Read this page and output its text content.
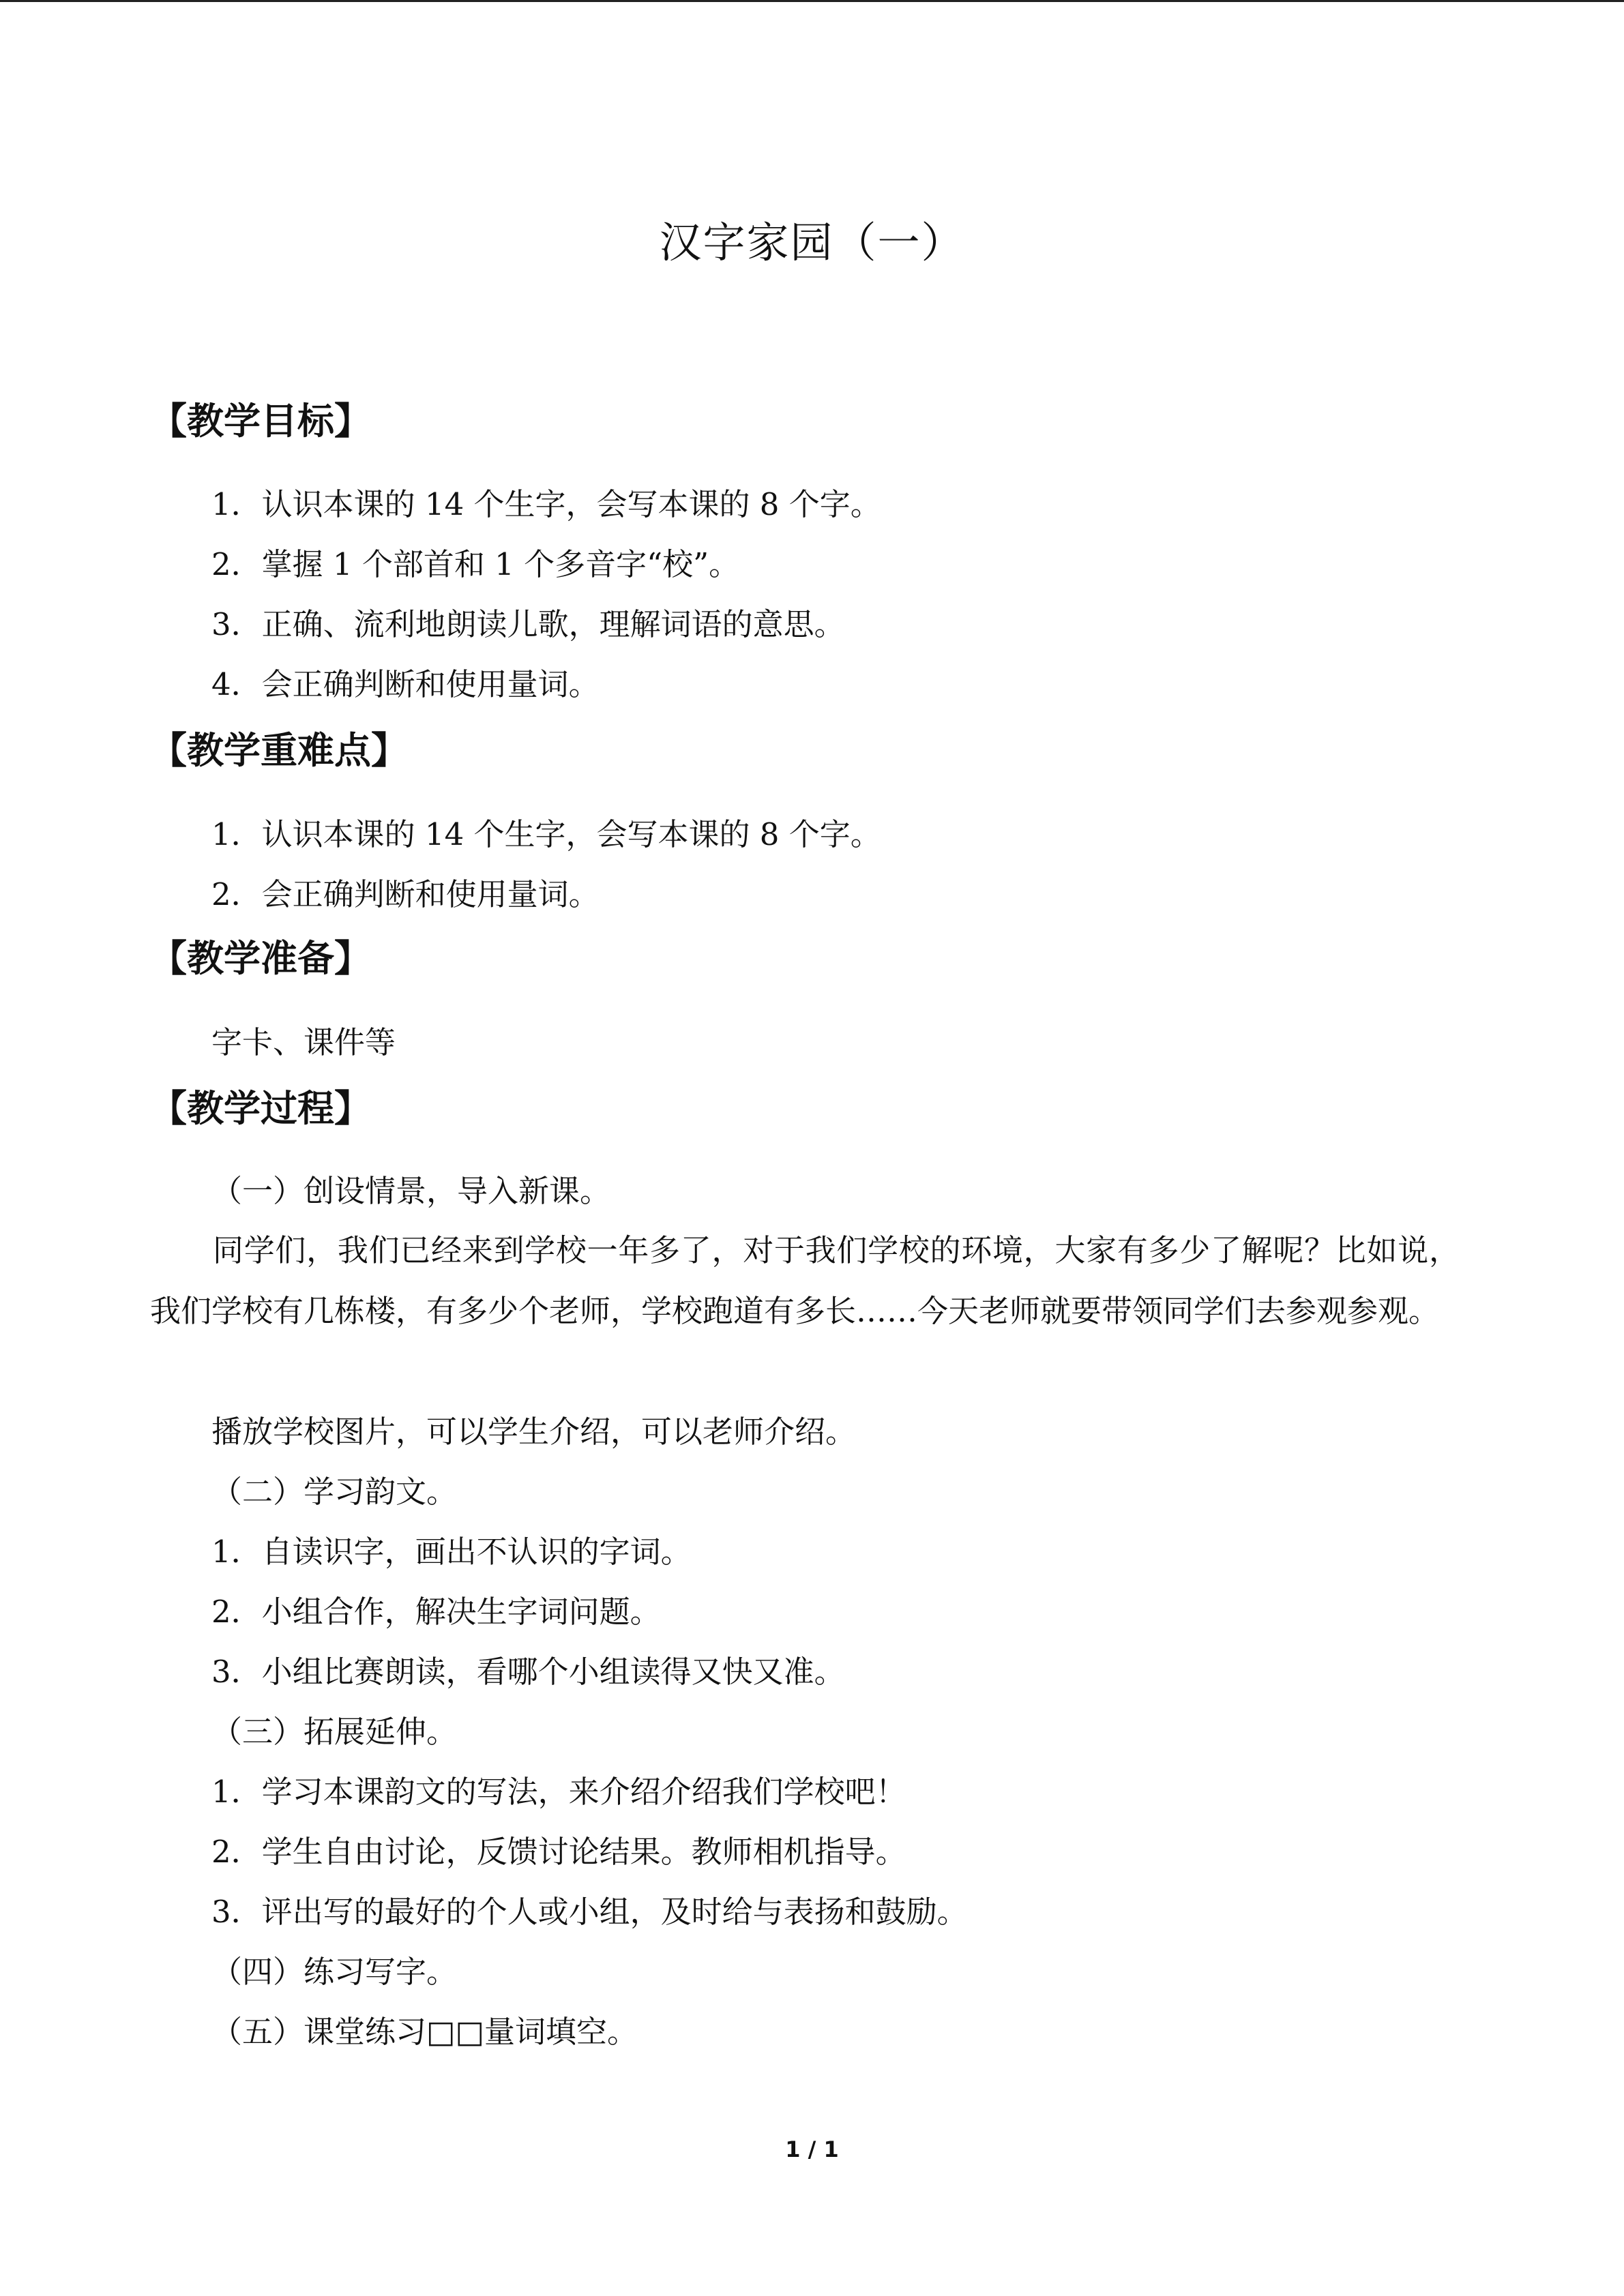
汉字家园（一）
【教学目标】
1．认识本课的 14 个生字，会写本课的 8 个字。
2．掌握 1 个部首和 1 个多音字“校”。
3．正确、流利地朗读儿歌，理解词语的意思。
4．会正确判断和使用量词。
【教学重难点】
1．认识本课的 14 个生字，会写本课的 8 个字。
2．会正确判断和使用量词。
【教学准备】
字卡、课件等
【教学过程】
（一）创设情景，导入新课。
同学们，我们已经来到学校一年多了，对于我们学校的环境，大家有多少了解呢？比如说，我们学校有几栋楼，有多少个老师，学校跑道有多长……今天老师就要带领同学们去参观参观。
播放学校图片，可以学生介绍，可以老师介绍。
（二）学习韵文。
1．自读识字，画出不认识的字词。
2．小组合作，解决生字词问题。
3．小组比赛朗读，看哪个小组读得又快又准。
（三）拓展延伸。
1．学习本课韵文的写法，来介绍介绍我们学校吧！
2．学生自由讨论，反馈讨论结果。教师相机指导。
3．评出写的最好的个人或小组，及时给与表扬和鼓励。
（四）练习写字。
（五）课堂练习□□量词填空。
1 / 1
